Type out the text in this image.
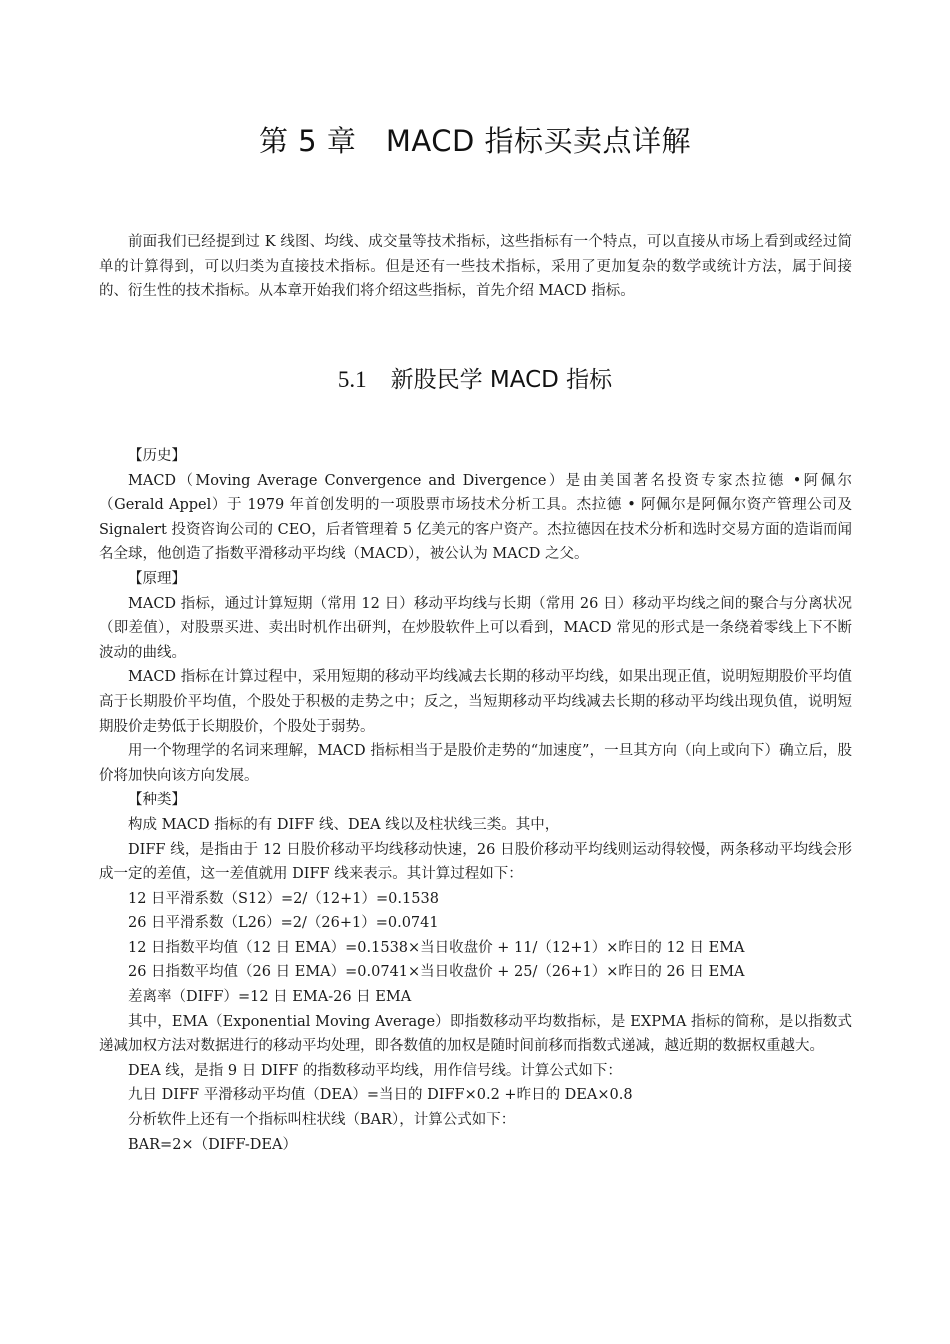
第 5 章　MACD 指标买卖点详解

前面我们已经提到过 K 线图、均线、成交量等技术指标，这些指标有一个特点，可以直接从市场上看到或经过简单的计算得到，可以归类为直接技术指标。但是还有一些技术指标，采用了更加复杂的数学或统计方法，属于间接的、衍生性的技术指标。从本章开始我们将介绍这些指标，首先介绍 MACD 指标。

5.1 新股民学 MACD 指标

【历史】

MACD（Moving Average Convergence and Divergence）是由美国著名投资专家杰拉德 •阿佩尔（Gerald Appel）于 1979 年首创发明的一项股票市场技术分析工具。杰拉德 • 阿佩尔是阿佩尔资产管理公司及 Signalert 投资咨询公司的 CEO，后者管理着 5 亿美元的客户资产。杰拉德因在技术分析和选时交易方面的造诣而闻名全球，他创造了指数平滑移动平均线（MACD），被公认为 MACD 之父。

【原理】

MACD 指标，通过计算短期（常用 12 日）移动平均线与长期（常用 26 日）移动平均线之间的聚合与分离状况（即差值），对股票买进、卖出时机作出研判，在炒股软件上可以看到，MACD 常见的形式是一条绕着零线上下不断波动的曲线。

MACD 指标在计算过程中，采用短期的移动平均线减去长期的移动平均线，如果出现正值，说明短期股价平均值高于长期股价平均值，个股处于积极的走势之中；反之，当短期移动平均线减去长期的移动平均线出现负值，说明短期股价走势低于长期股价，个股处于弱势。

用一个物理学的名词来理解，MACD 指标相当于是股价走势的“加速度”，一旦其方向（向上或向下）确立后，股价将加快向该方向发展。

【种类】

构成 MACD 指标的有 DIFF 线、DEA 线以及柱状线三类。其中，

DIFF 线，是指由于 12 日股价移动平均线移动快速，26 日股价移动平均线则运动得较慢，两条移动平均线会形成一定的差值，这一差值就用 DIFF 线来表示。其计算过程如下：

12 日平滑系数（S12）=2/（12+1）=0.1538

26 日平滑系数（L26）=2/（26+1）=0.0741

12 日指数平均值（12 日 EMA）=0.1538×当日收盘价 + 11/（12+1）×昨日的 12 日 EMA

26 日指数平均值（26 日 EMA）=0.0741×当日收盘价 + 25/（26+1）×昨日的 26 日 EMA

差离率（DIFF）=12 日 EMA-26 日 EMA

其中，EMA（Exponential Moving Average）即指数移动平均数指标，是 EXPMA 指标的简称，是以指数式递减加权方法对数据进行的移动平均处理，即各数值的加权是随时间前移而指数式递减，越近期的数据权重越大。

DEA 线，是指 9 日 DIFF 的指数移动平均线，用作信号线。计算公式如下：

九日 DIFF 平滑移动平均值（DEA）=当日的 DIFF×0.2 +昨日的 DEA×0.8

分析软件上还有一个指标叫柱状线（BAR），计算公式如下：

BAR=2×（DIFF-DEA）
